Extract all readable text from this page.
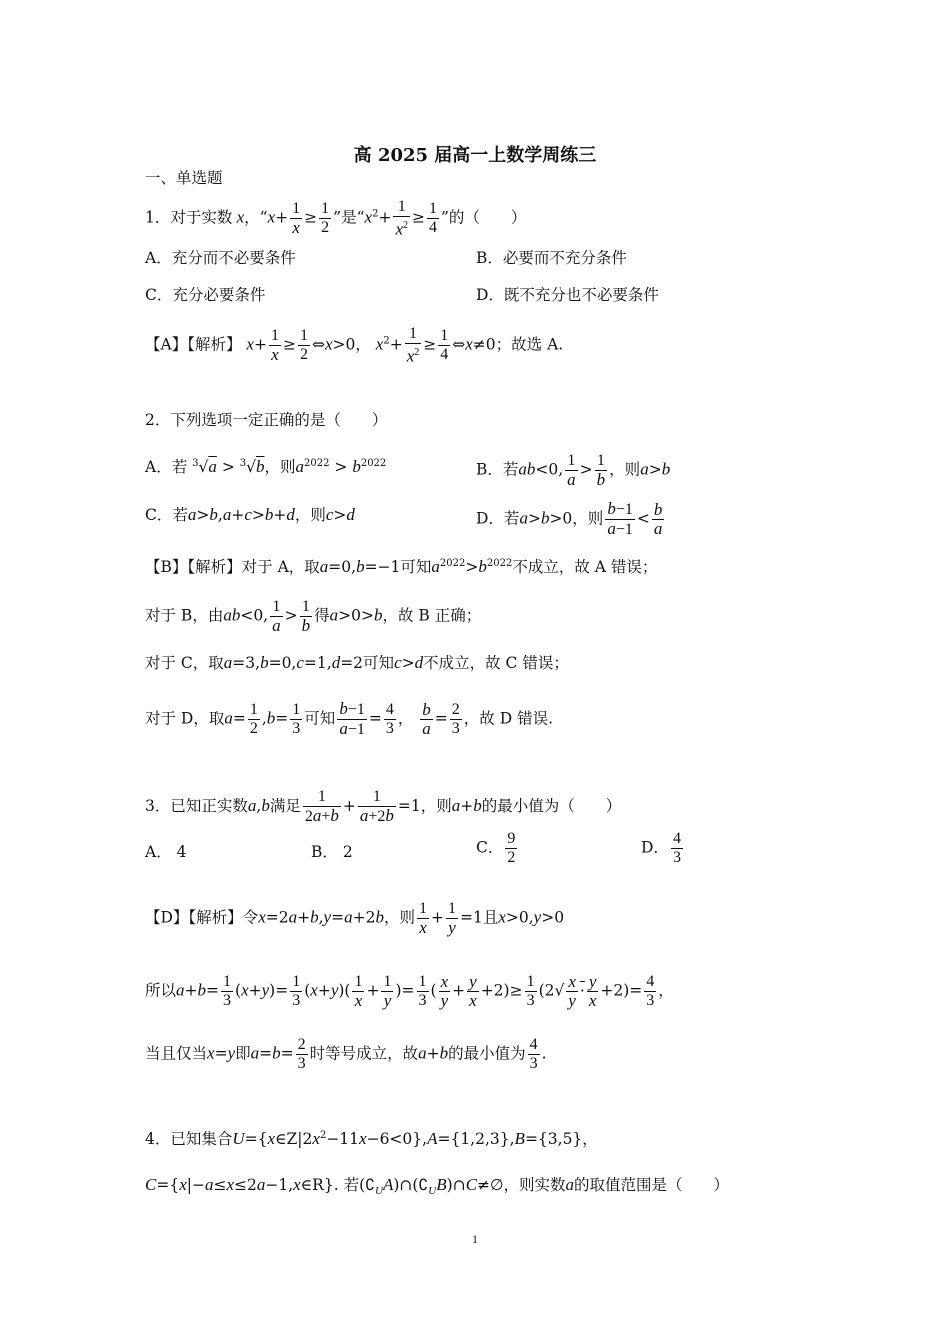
高 2025 届高一上数学周练三
一、单选题
1．对于实数 x，“$x+ \frac{1}{x} \ge \frac{1}{2}$ ”是“$x^2+ \frac{1}{x^2} \ge \frac{1}{4}$ ”的（　　）
A．充分而不必要条件	B．必要而不充分条件
C．充分必要条件	D．既不充分也不必要条件
【A】【解析】 $x+ \frac{1}{x} \ge \frac{1}{2}$ ⇔x>0， $x^2+ \frac{1}{x^2} \ge \frac{1}{4}$ ⇔x≠0；故选 A.
2．下列选项一定正确的是（　　）
A．若 $^3$√a > $^3$√b，则$a^{2022} > b^{2022}$	B．若ab<0, $\frac{1}{a} > \frac{1}{b}$ ，则a>b
C．若a>b,a+c>b+d，则c>d	D．若a>b>0，则 $\frac{b-1}{a-1} < \frac{b}{a}$
【B】【解析】对于 A，取a=0,b=−1可知$a^{2022}>b^{2022}$不成立，故 A 错误；
对于 B，由ab<0, $\frac{1}{a} > \frac{1}{b}$ 得a>0>b，故 B 正确；
对于 C，取a=3,b=0,c=1,d=2可知c>d不成立，故 C 错误；
对于 D，取$a= \frac{1}{2} ,b= \frac{1}{3}$ 可知 $\frac{b-1}{a-1} = \frac{4}{3}$ ， $\frac{b}{a} = \frac{2}{3}$ ，故 D 错误.
3．已知正实数a,b满足 $\frac{1}{2a+b} + \frac{1}{a+2b} =1$，则a+b的最小值为（　　）
A． 4	B． 2	C． $\frac{9}{2}$	D． $\frac{4}{3}$
【D】【解析】令x=2a+b,y=a+2b，则 $\frac{1}{x} + \frac{1}{y} =1$且x>0,y>0
所以$a+b= \frac{1}{3} (x+y)= \frac{1}{3} (x+y)( \frac{1}{x} + \frac{1}{y}$ )= $\frac{1}{3}$ ( $\frac{x}{y} + \frac{y}{x} +2)\ge \frac{1}{3} (2√ \frac{x}{y} \cdot \frac{y}{x} +2)= \frac{4}{3}$ ，
当且仅当x=y即$a=b= \frac{2}{3}$ 时等号成立，故a+b的最小值为 $\frac{4}{3}$ .
4．已知集合$U=\{x\in Z|2x^2-11x-6<0\},A=\{1,2,3\},B=\{3,5\}$，
C={x|−a≤x≤2a−1,x∈R}. 若$(∁_UA)\cap(∁_UB)\cap C\ne\emptyset$，则实数a的取值范围是（　　）
1
